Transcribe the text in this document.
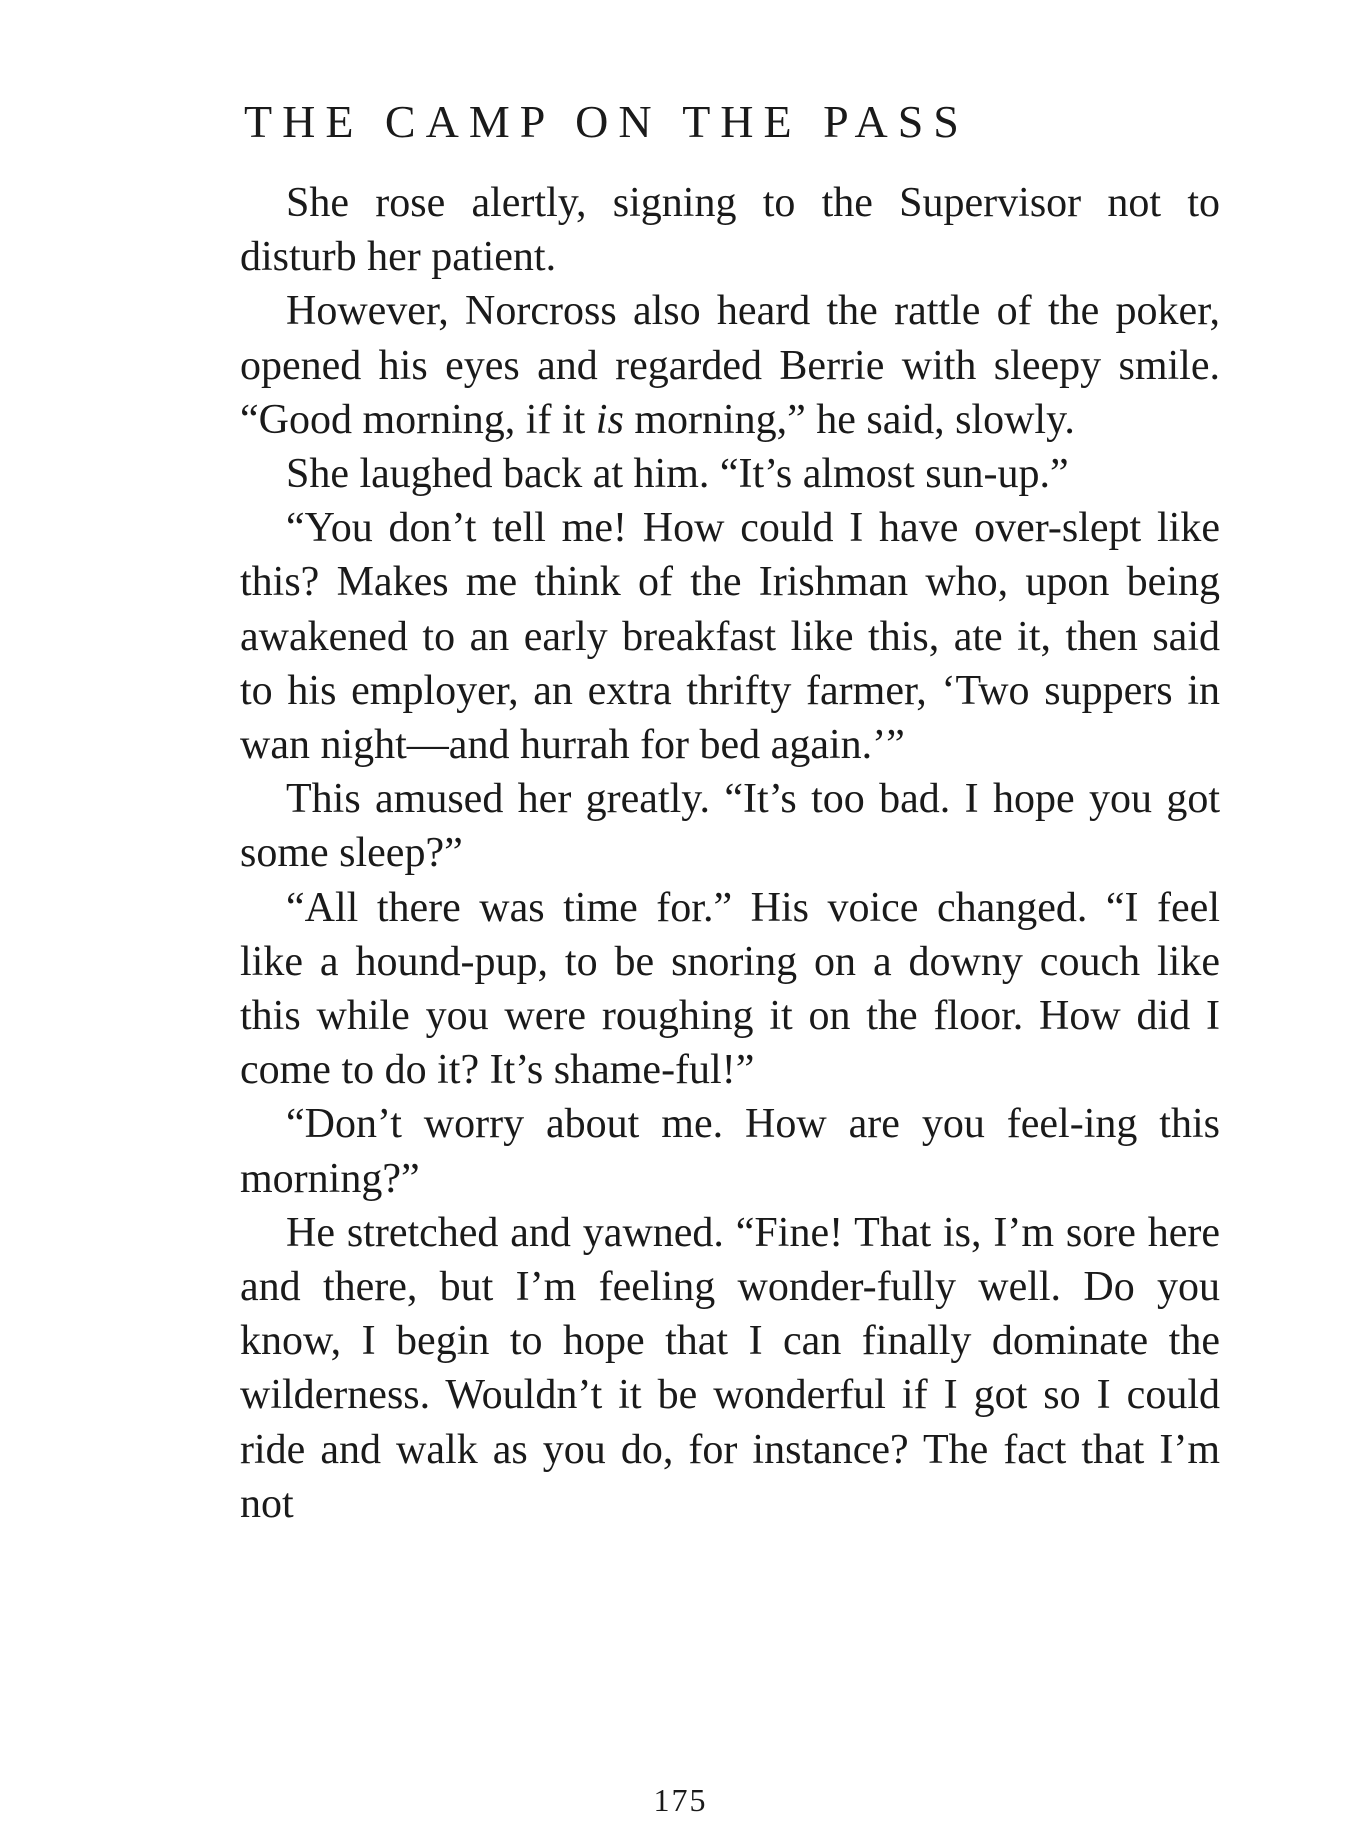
THE CAMP ON THE PASS

She rose alertly, signing to the Supervisor not to disturb her patient.

However, Norcross also heard the rattle of the poker, opened his eyes and regarded Berrie with sleepy smile. “Good morning, if it is morning,” he said, slowly.

She laughed back at him. “It’s almost sun-up.”

“You don’t tell me! How could I have over-slept like this? Makes me think of the Irishman who, upon being awakened to an early breakfast like this, ate it, then said to his employer, an extra thrifty farmer, ‘Two suppers in wan night—and hurrah for bed again.’”

This amused her greatly. “It’s too bad. I hope you got some sleep?”

“All there was time for.” His voice changed. “I feel like a hound-pup, to be snoring on a downy couch like this while you were roughing it on the floor. How did I come to do it? It’s shame-ful!”

“Don’t worry about me. How are you feel-ing this morning?”

He stretched and yawned. “Fine! That is, I’m sore here and there, but I’m feeling wonder-fully well. Do you know, I begin to hope that I can finally dominate the wilderness. Wouldn’t it be wonderful if I got so I could ride and walk as you do, for instance? The fact that I’m not

175
